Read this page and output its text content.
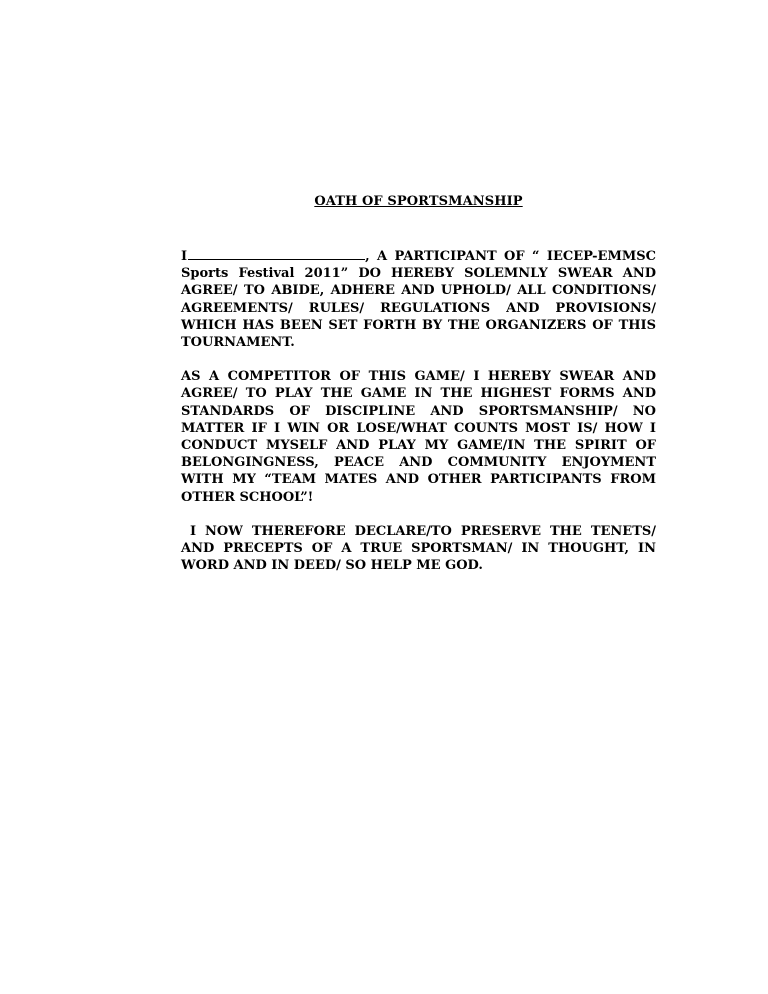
OATH OF SPORTSMANSHIP

I	, A PARTICIPANT OF “ IECEP-EMMSC Sports Festival 2011” DO HEREBY SOLEMNLY SWEAR AND AGREE/ TO ABIDE, ADHERE AND UPHOLD/ ALL CONDITIONS/ AGREEMENTS/ RULES/ REGULATIONS AND PROVISIONS/ WHICH HAS BEEN SET FORTH BY THE ORGANIZERS OF THIS TOURNAMENT.

AS A COMPETITOR OF THIS GAME/ I HEREBY SWEAR AND AGREE/ TO PLAY THE GAME IN THE HIGHEST FORMS AND STANDARDS OF DISCIPLINE AND SPORTSMANSHIP/ NO MATTER IF I WIN OR LOSE/WHAT COUNTS MOST IS/ HOW I CONDUCT MYSELF AND PLAY MY GAME/IN THE SPIRIT OF BELONGINGNESS, PEACE AND COMMUNITY ENJOYMENT WITH MY “TEAM MATES AND OTHER PARTICIPANTS FROM OTHER SCHOOL”!

I NOW THEREFORE DECLARE/TO PRESERVE THE TENETS/ AND PRECEPTS OF A TRUE SPORTSMAN/ IN THOUGHT, IN WORD AND IN DEED/ SO HELP ME GOD.
